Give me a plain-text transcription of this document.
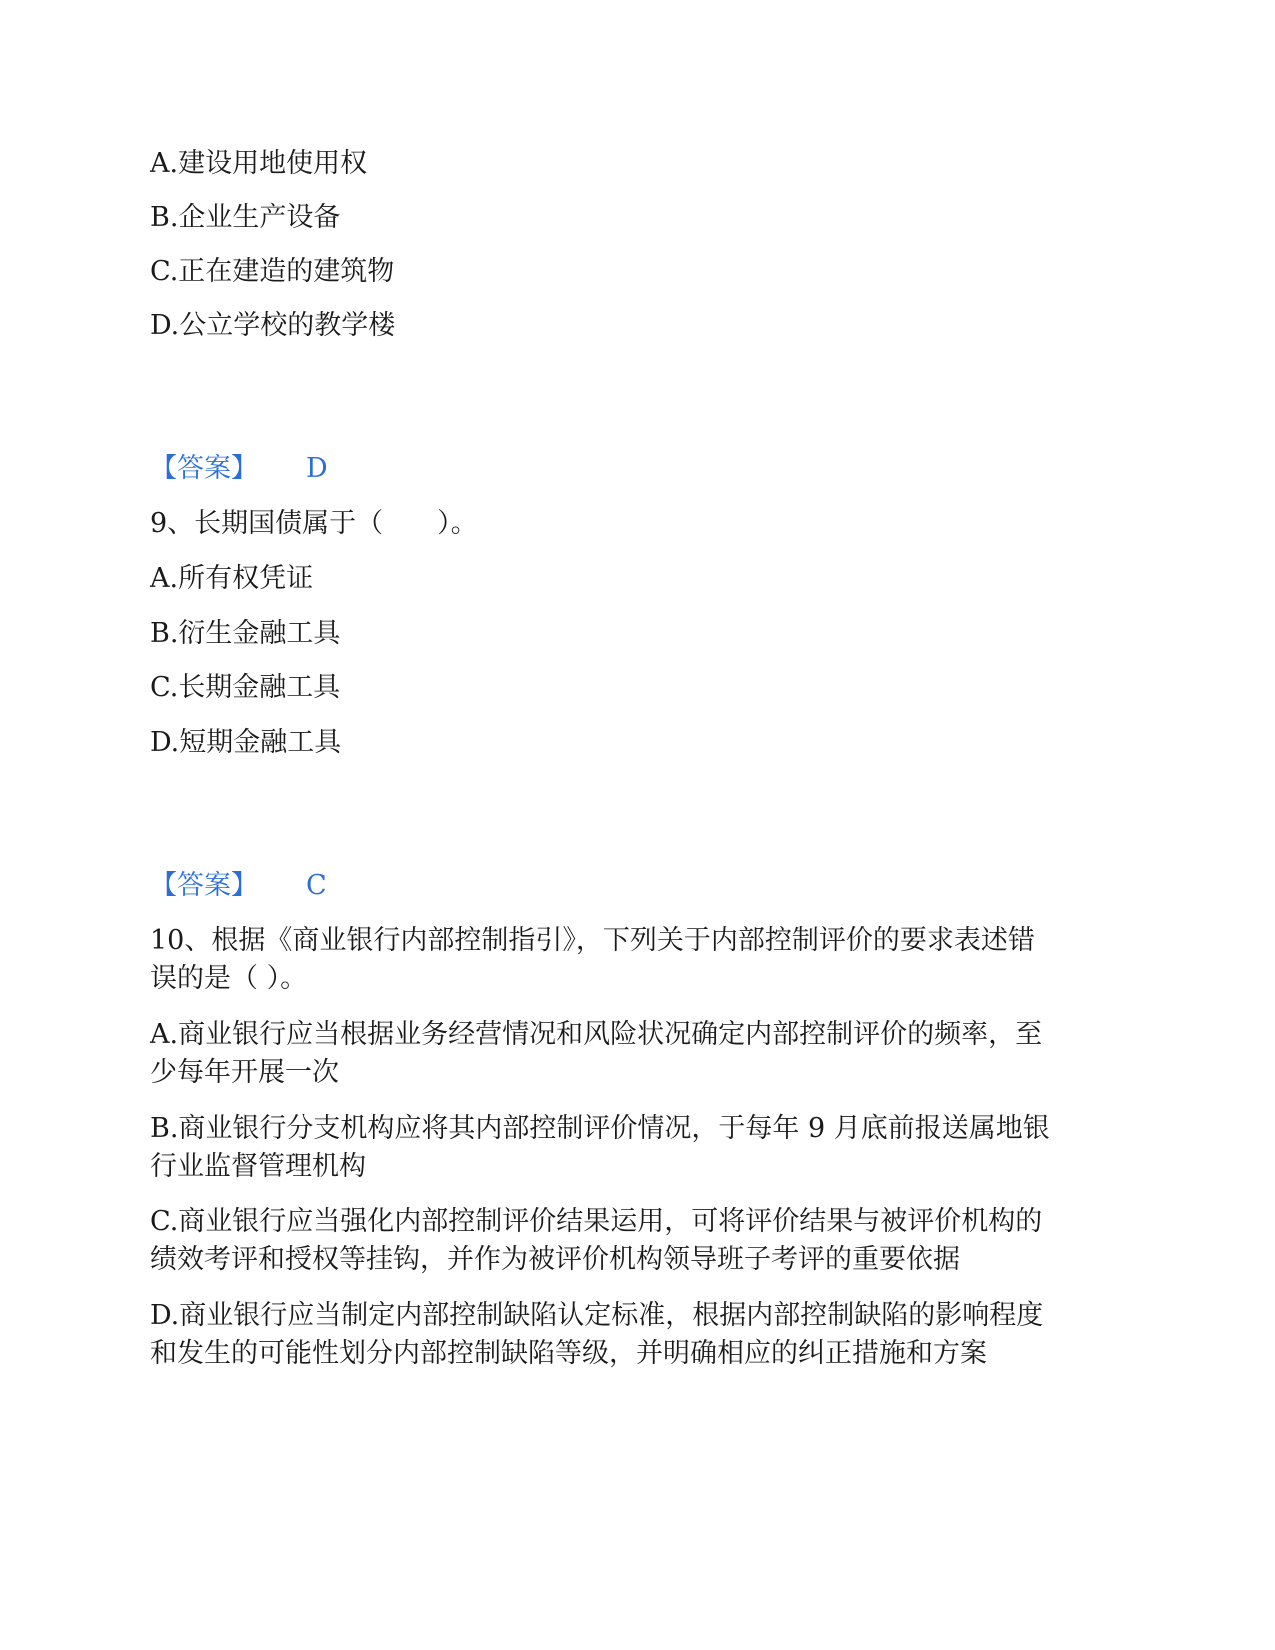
A.建设用地使用权
B.企业生产设备
C.正在建造的建筑物
D.公立学校的教学楼
【答案】 D
9、长期国债属于（　　）。
A.所有权凭证
B.衍生金融工具
C.长期金融工具
D.短期金融工具
【答案】 C
10、根据《商业银行内部控制指引》，下列关于内部控制评价的要求表述错
误的是（ ）。
A.商业银行应当根据业务经营情况和风险状况确定内部控制评价的频率，至
少每年开展一次
B.商业银行分支机构应将其内部控制评价情况，于每年 9 月底前报送属地银
行业监督管理机构
C.商业银行应当强化内部控制评价结果运用，可将评价结果与被评价机构的
绩效考评和授权等挂钩，并作为被评价机构领导班子考评的重要依据
D.商业银行应当制定内部控制缺陷认定标准，根据内部控制缺陷的影响程度
和发生的可能性划分内部控制缺陷等级，并明确相应的纠正措施和方案
